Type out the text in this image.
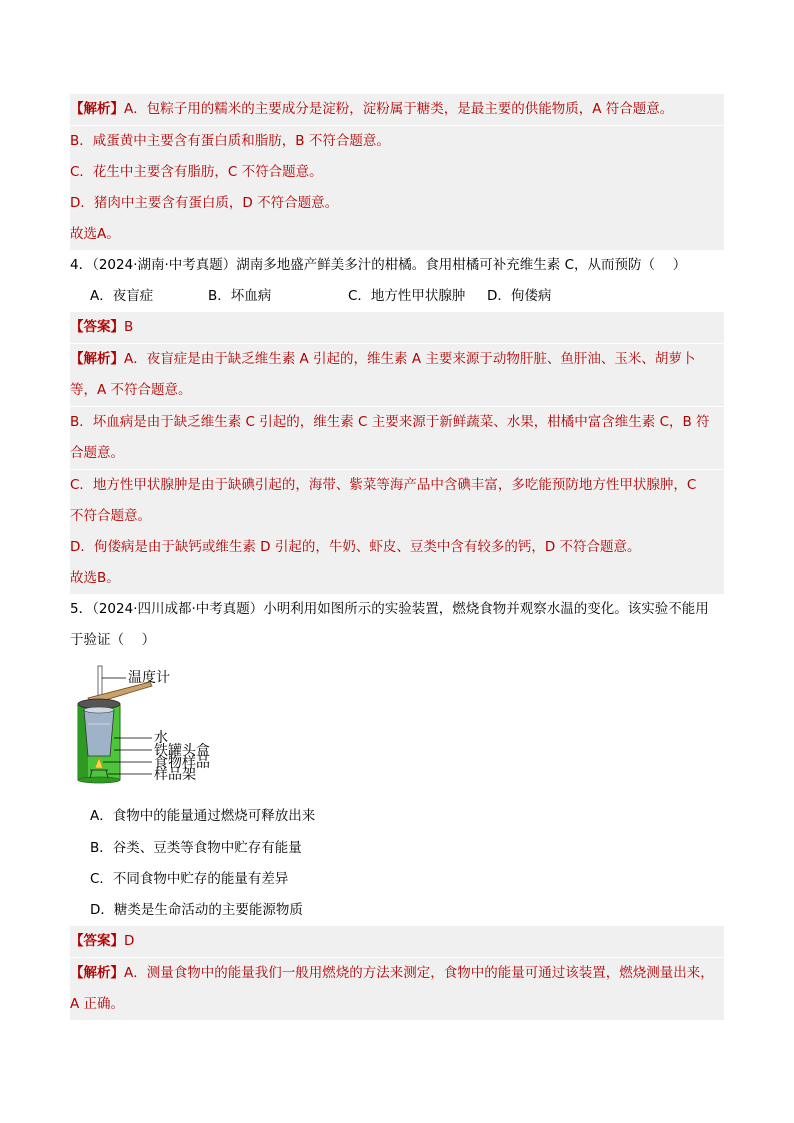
【解析】A．包粽子用的糯米的主要成分是淀粉，淀粉属于糖类，是最主要的供能物质，A 符合题意。
B．咸蛋黄中主要含有蛋白质和脂肪，B 不符合题意。
C．花生中主要含有脂肪，C 不符合题意。
D．猪肉中主要含有蛋白质，D 不符合题意。
故选A。
4．（2024·湖南·中考真题）湖南多地盛产鲜美多汁的柑橘。食用柑橘可补充维生素 C，从而预防（　 ）
A．夜盲症	B．坏血病	C．地方性甲状腺肿 D．佝偻病
【答案】B
【解析】A．夜盲症是由于缺乏维生素 A 引起的，维生素 A 主要来源于动物肝脏、鱼肝油、玉米、胡萝卜
等，A 不符合题意。
B．坏血病是由于缺乏维生素 C 引起的，维生素 C 主要来源于新鲜蔬菜、水果，柑橘中富含维生素 C，B 符
合题意。
C．地方性甲状腺肿是由于缺碘引起的，海带、紫菜等海产品中含碘丰富，多吃能预防地方性甲状腺肿，C
不符合题意。
D．佝偻病是由于缺钙或维生素 D 引起的，牛奶、虾皮、豆类中含有较多的钙，D 不符合题意。
故选B。
5．（2024·四川成都·中考真题）小明利用如图所示的实验装置，燃烧食物并观察水温的变化。该实验不能用
于验证（　 ）
温度计
水
铁罐头盒
食物样品
样品架
A．食物中的能量通过燃烧可释放出来
B．谷类、豆类等食物中贮存有能量
C．不同食物中贮存的能量有差异
D．糖类是生命活动的主要能源物质
【答案】D
【解析】A．测量食物中的能量我们一般用燃烧的方法来测定，食物中的能量可通过该装置，燃烧测量出来，
A 正确。
